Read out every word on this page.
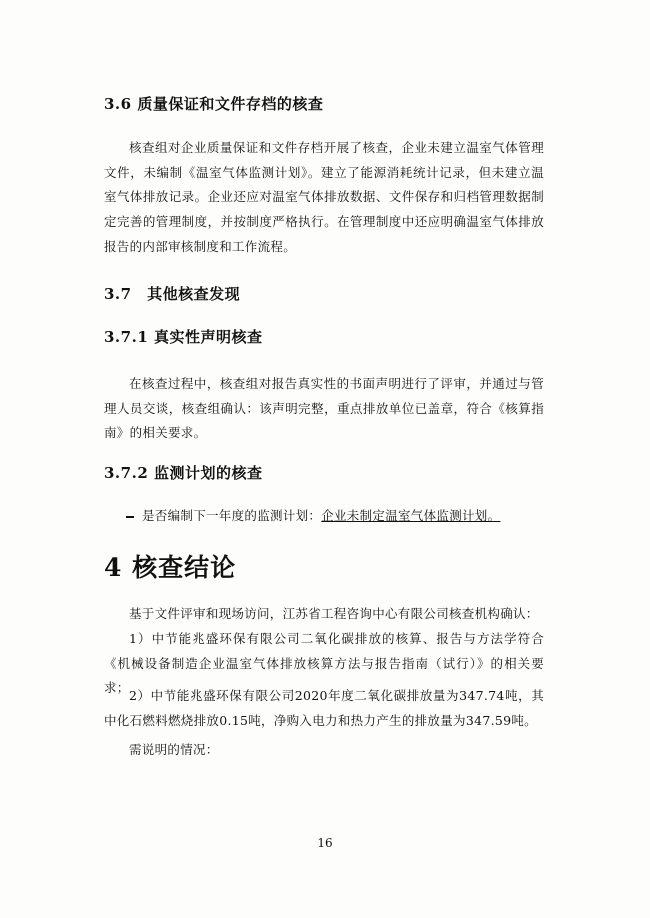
3.6 质量保证和文件存档的核查

核查组对企业质量保证和文件存档开展了核查，企业未建立温室气体管理文件，未编制《温室气体监测计划》。建立了能源消耗统计记录，但未建立温室气体排放记录。企业还应对温室气体排放数据、文件保存和归档管理数据制定完善的管理制度，并按制度严格执行。在管理制度中还应明确温室气体排放报告的内部审核制度和工作流程。

3.7　其他核查发现
3.7.1 真实性声明核查

在核查过程中，核查组对报告真实性的书面声明进行了评审，并通过与管理人员交谈，核查组确认：该声明完整，重点排放单位已盖章，符合《核算指南》的相关要求。

3.7.2 监测计划的核查
是否编制下一年度的监测计划：企业未制定温室气体监测计划。
4 核查结论

基于文件评审和现场访问，江苏省工程咨询中心有限公司核查机构确认：

1）中节能兆盛环保有限公司二氧化碳排放的核算、报告与方法学符合《机械设备制造企业温室气体排放核算方法与报告指南（试行）》的相关要求；

2）中节能兆盛环保有限公司2020年度二氧化碳排放量为347.74吨，其中化石燃料燃烧排放0.15吨，净购入电力和热力产生的排放量为347.59吨。

需说明的情况：

16
